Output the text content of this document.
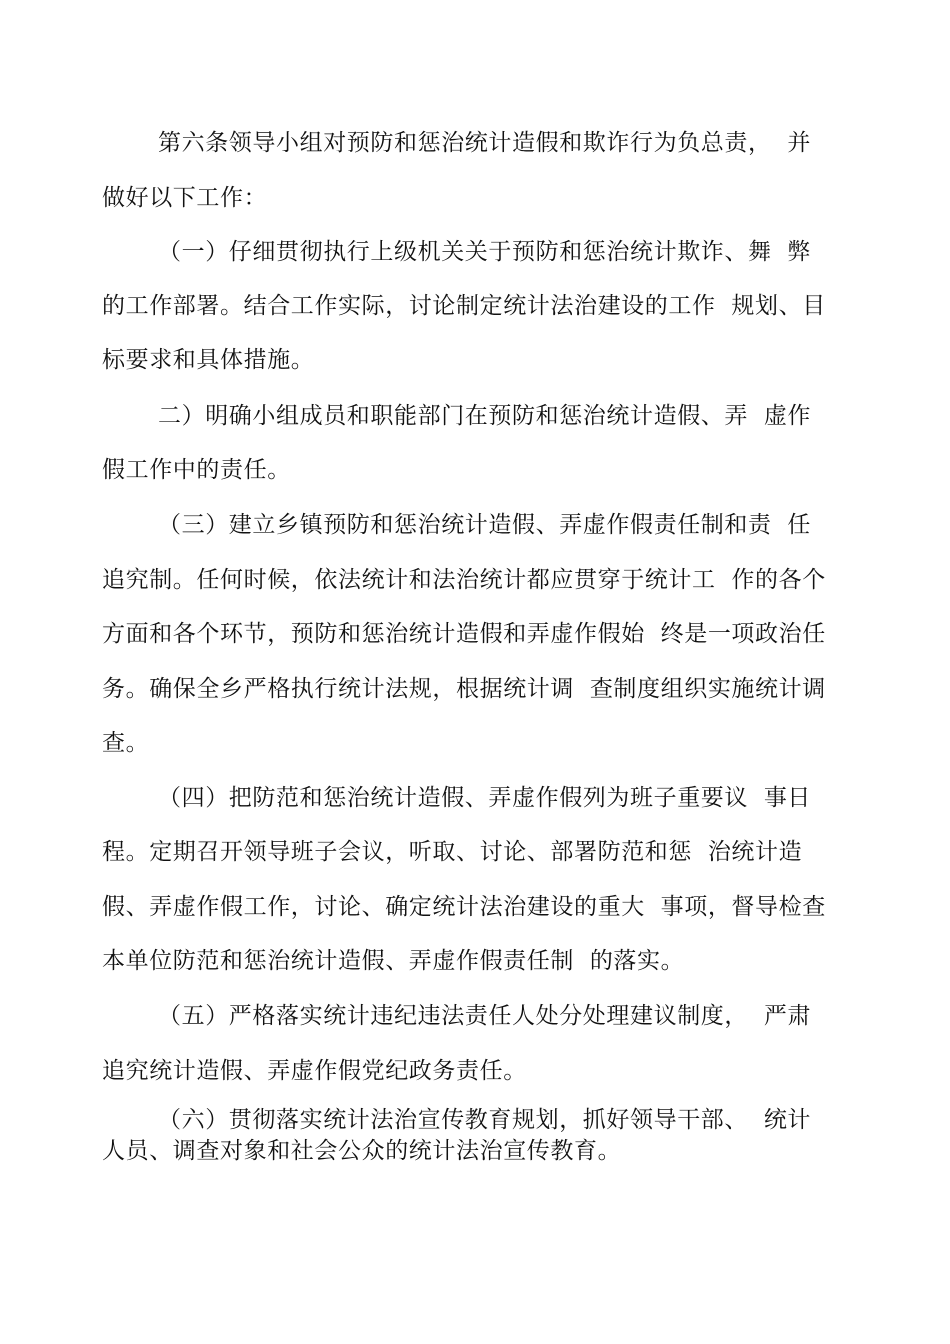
第六条领导小组对预防和惩治统计造假和欺诈行为负总责，  并
做好以下工作：
（一）仔细贯彻执行上级机关关于预防和惩治统计欺诈、舞  弊
的工作部署。结合工作实际，讨论制定统计法治建设的工作  规划、目
标要求和具体措施。
二）明确小组成员和职能部门在预防和惩治统计造假、弄  虚作
假工作中的责任。
（三）建立乡镇预防和惩治统计造假、弄虚作假责任制和责  任
追究制。任何时候，依法统计和法治统计都应贯穿于统计工  作的各个
方面和各个环节，预防和惩治统计造假和弄虚作假始  终是一项政治任
务。确保全乡严格执行统计法规，根据统计调  查制度组织实施统计调
查。
（四）把防范和惩治统计造假、弄虚作假列为班子重要议  事日
程。定期召开领导班子会议，听取、讨论、部署防范和惩  治统计造
假、弄虚作假工作，讨论、确定统计法治建设的重大  事项，督导检查
本单位防范和惩治统计造假、弄虚作假责任制  的落实。
（五）严格落实统计违纪违法责任人处分处理建议制度，  严肃
追究统计造假、弄虚作假党纪政务责任。
（六）贯彻落实统计法治宣传教育规划，抓好领导干部、  统计
人员、调查对象和社会公众的统计法治宣传教育。
